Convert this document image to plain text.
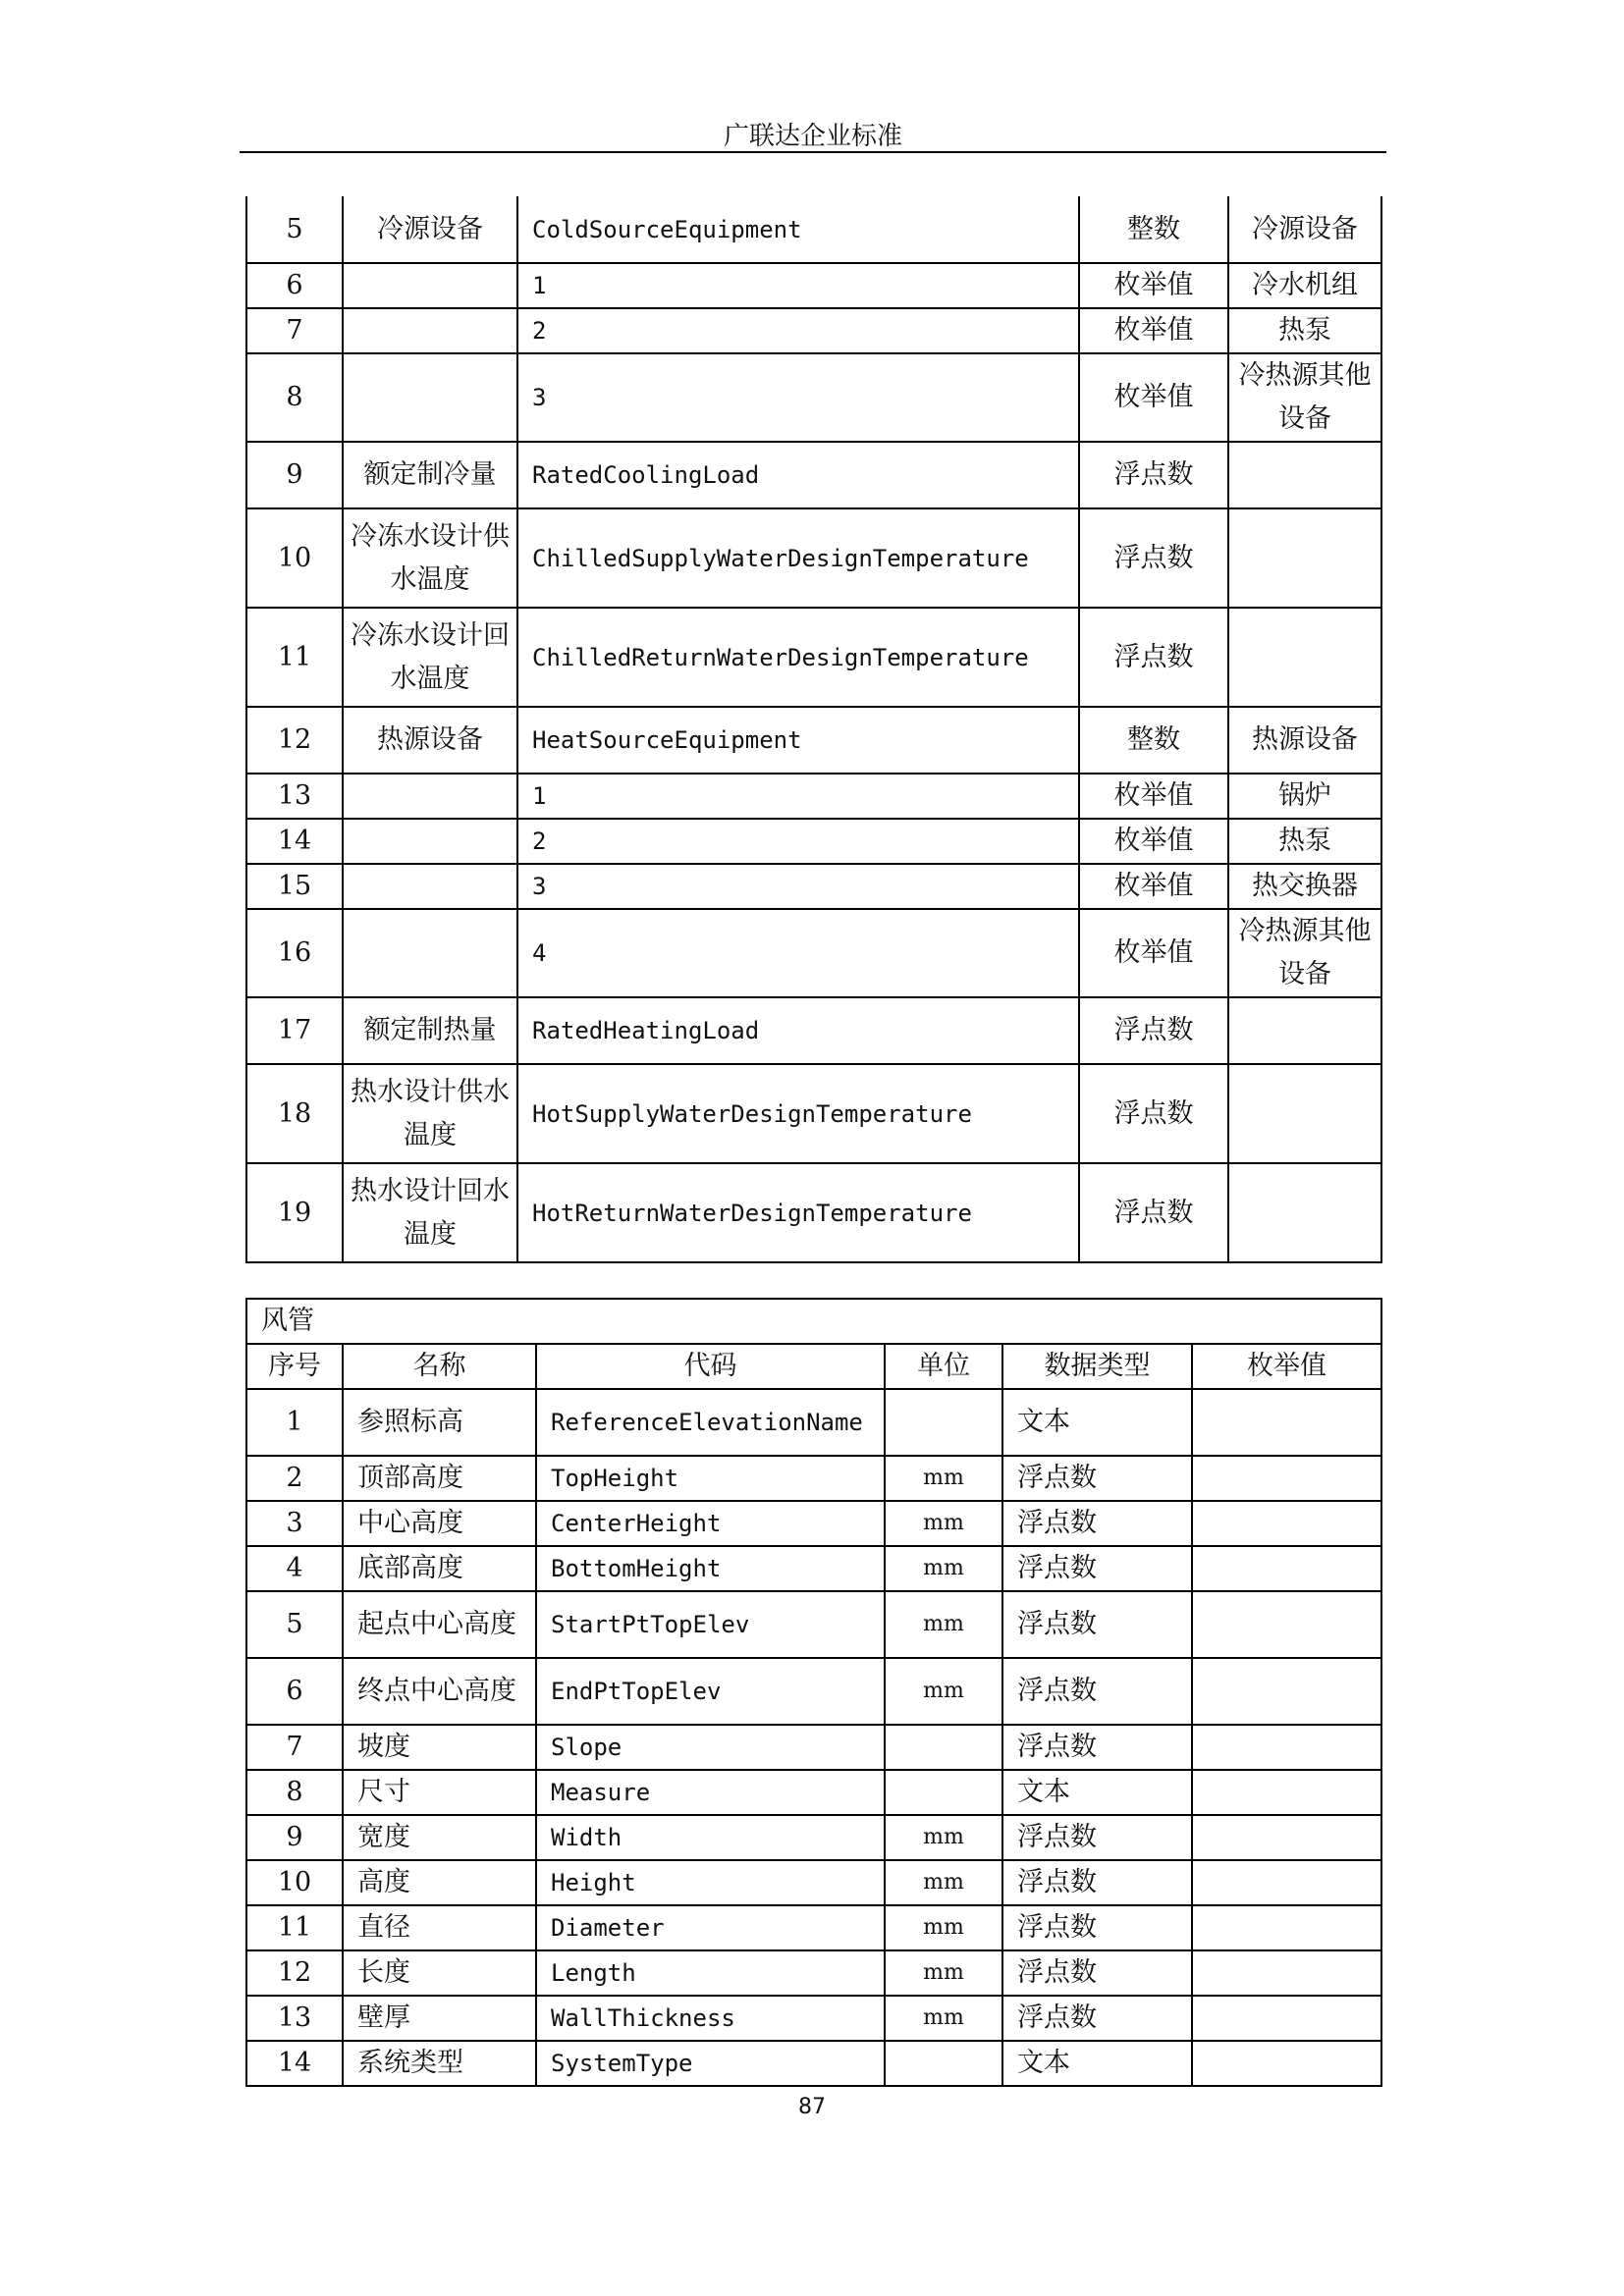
广联达企业标准
5	冷源设备	ColdSourceEquipment	整数	冷源设备
6		1	枚举值	冷水机组
7		2	枚举值	热泵
8		3	枚举值	冷热源其他设备
9	额定制冷量	RatedCoolingLoad	浮点数	
10	冷冻水设计供水温度	ChilledSupplyWaterDesignTemperature	浮点数	
11	冷冻水设计回水温度	ChilledReturnWaterDesignTemperature	浮点数	
12	热源设备	HeatSourceEquipment	整数	热源设备
13		1	枚举值	锅炉
14		2	枚举值	热泵
15		3	枚举值	热交换器
16		4	枚举值	冷热源其他设备
17	额定制热量	RatedHeatingLoad	浮点数	
18	热水设计供水温度	HotSupplyWaterDesignTemperature	浮点数	
19	热水设计回水温度	HotReturnWaterDesignTemperature	浮点数	
风管					
序号	名称	代码	单位	数据类型	枚举值
1	参照标高	ReferenceElevationName		文本	
2	顶部高度	TopHeight	mm	浮点数	
3	中心高度	CenterHeight	mm	浮点数	
4	底部高度	BottomHeight	mm	浮点数	
5	起点中心高度	StartPtTopElev	mm	浮点数	
6	终点中心高度	EndPtTopElev	mm	浮点数	
7	坡度	Slope		浮点数	
8	尺寸	Measure		文本	
9	宽度	Width	mm	浮点数	
10	高度	Height	mm	浮点数	
11	直径	Diameter	mm	浮点数	
12	长度	Length	mm	浮点数	
13	壁厚	WallThickness	mm	浮点数	
14	系统类型	SystemType		文本	
87
